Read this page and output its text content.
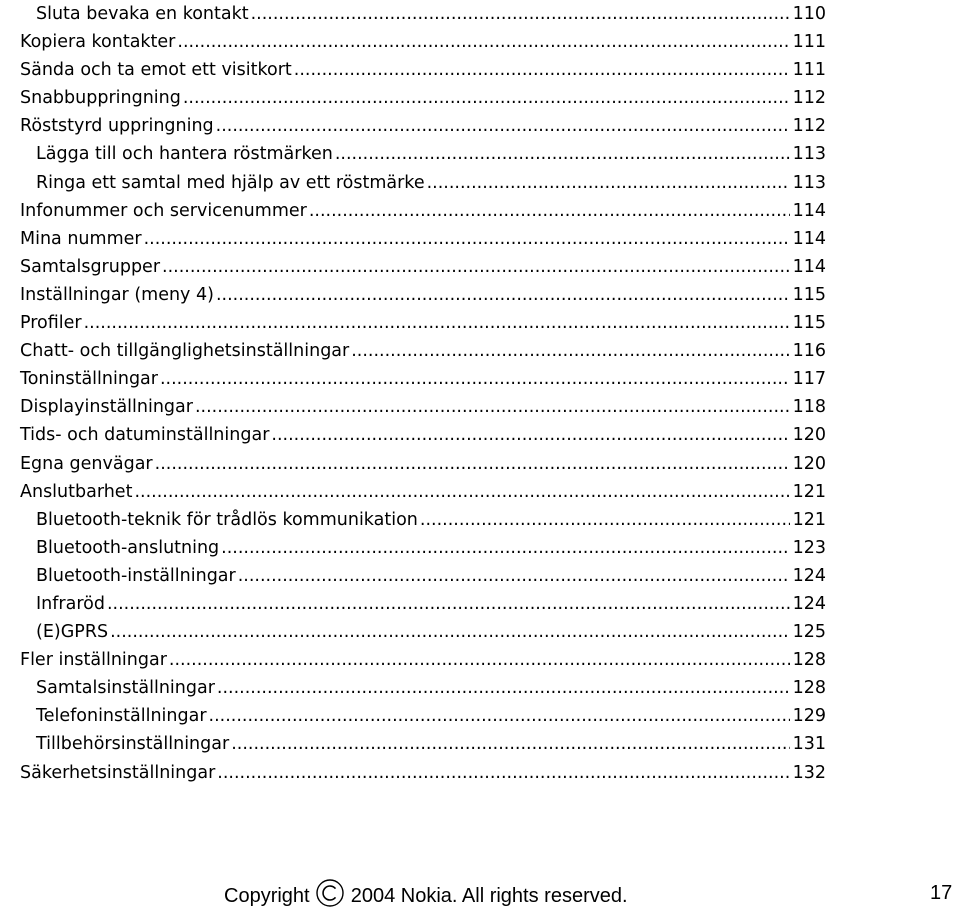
Sluta bevaka en kontakt .....	110
Kopiera kontakter .....	111
Sända och ta emot ett visitkort .....	111
Snabbuppringning .....	112
Röststyrd uppringning .....	112
Lägga till och hantera röstmärken .....	113
Ringa ett samtal med hjälp av ett röstmärke .....	113
Infonummer och servicenummer .....	114
Mina nummer .....	114
Samtalsgrupper .....	114
Inställningar (meny 4) .....	115
Profiler .....	115
Chatt- och tillgänglighetsinställningar .....	116
Toninställningar .....	117
Displayinställningar .....	118
Tids- och datuminställningar .....	120
Egna genvägar .....	120
Anslutbarhet .....	121
Bluetooth-teknik för trådlös kommunikation .....	121
Bluetooth-anslutning .....	123
Bluetooth-inställningar .....	124
Infraröd .....	124
(E)GPRS .....	125
Fler inställningar .....	128
Samtalsinställningar .....	128
Telefoninställningar .....	129
Tillbehörsinställningar .....	131
Säkerhetsinställningar .....	132
Copyright  2004 Nokia. All rights reserved.	17
